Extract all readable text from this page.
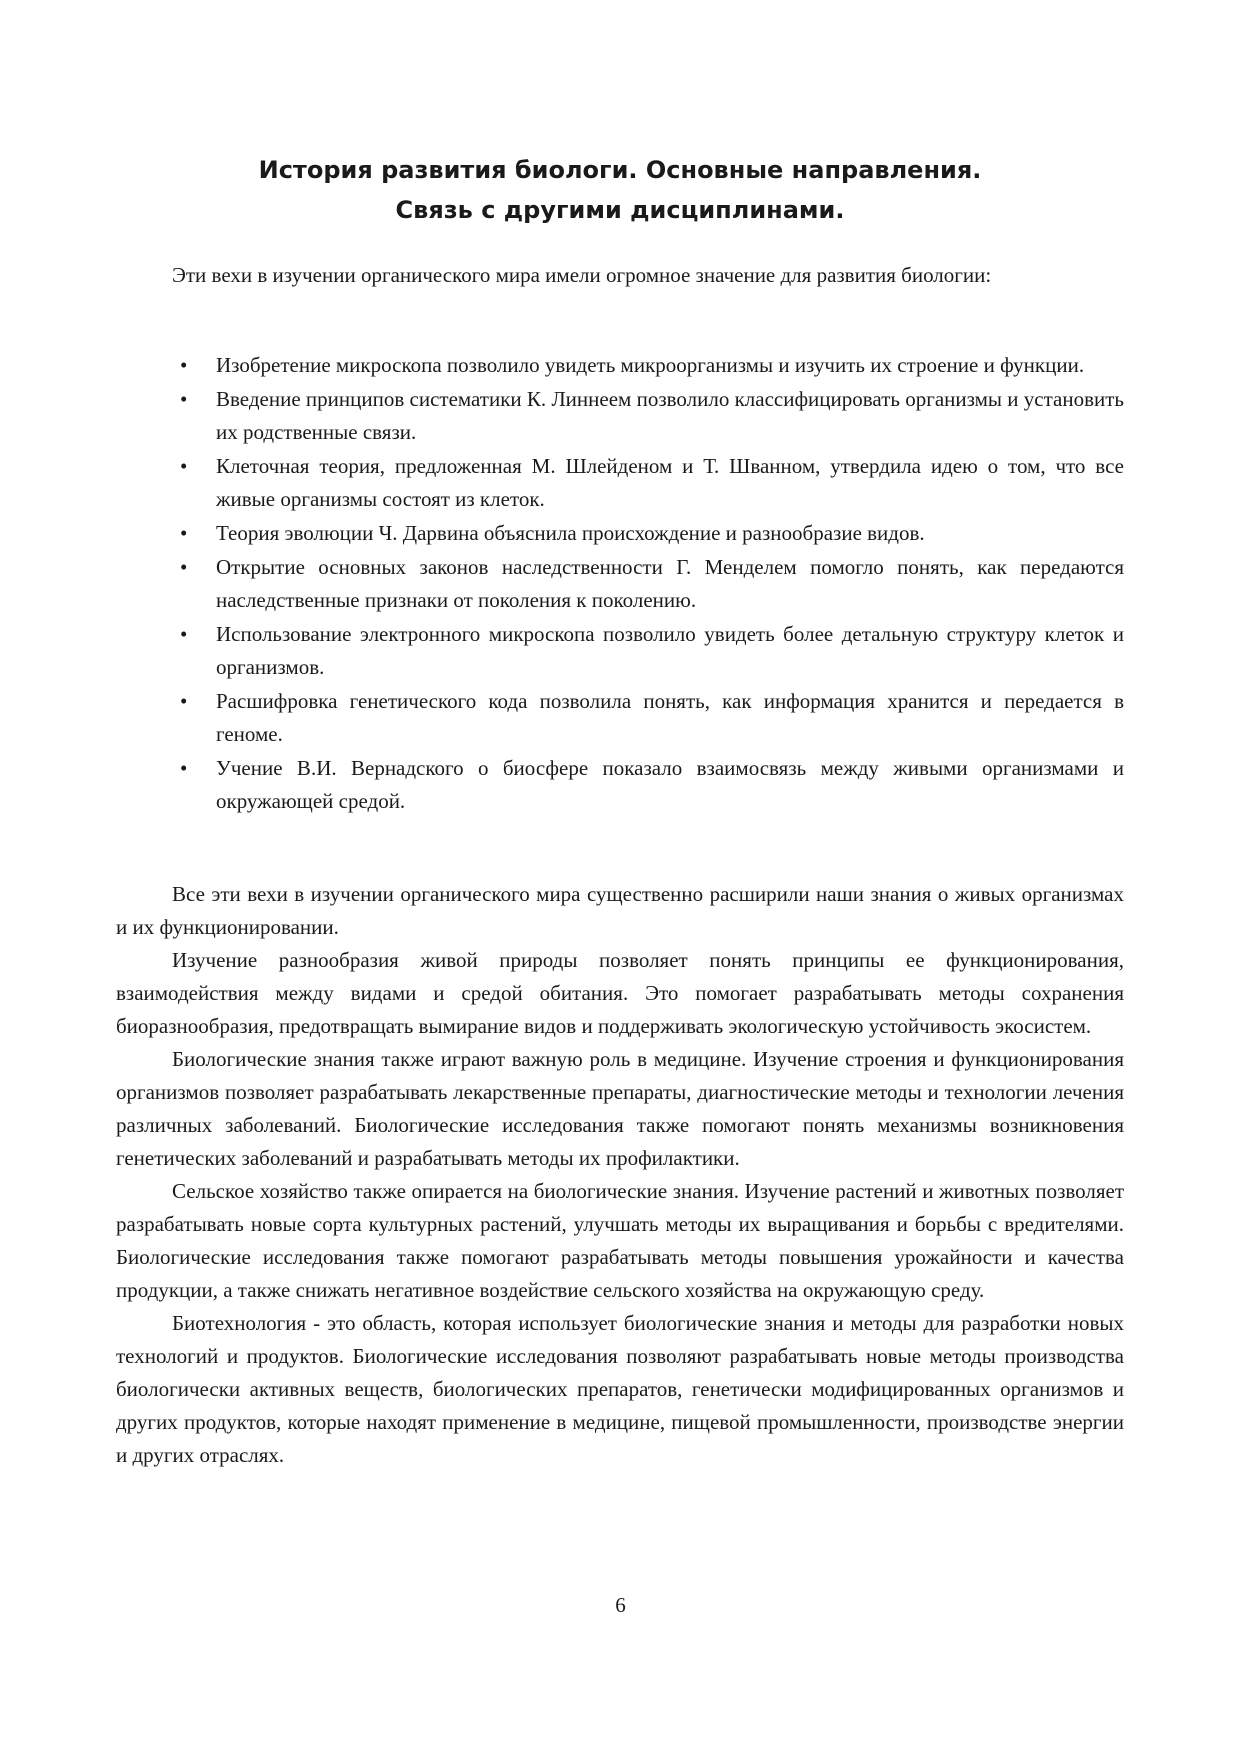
История развития биологи. Основные направления.
Связь с другими дисциплинами.

Эти вехи в изучении органического мира имели огромное значение для развития биологии:

• Изобретение микроскопа позволило увидеть микроорганизмы и изучить их строение и функции.
• Введение принципов систематики К. Линнеем позволило классифицировать организмы и установить их родственные связи.
• Клеточная теория, предложенная М. Шлейденом и Т. Шванном, утвердила идею о том, что все живые организмы состоят из клеток.
• Теория эволюции Ч. Дарвина объяснила происхождение и разнообразие видов.
• Открытие основных законов наследственности Г. Менделем помогло понять, как передаются наследственные признаки от поколения к поколению.
• Использование электронного микроскопа позволило увидеть более детальную структуру клеток и организмов.
• Расшифровка генетического кода позволила понять, как информация хранится и передается в геноме.
• Учение В.И. Вернадского о биосфере показало взаимосвязь между живыми организмами и окружающей средой.

Все эти вехи в изучении органического мира существенно расширили наши знания о живых организмах и их функционировании.

Изучение разнообразия живой природы позволяет понять принципы ее функционирования, взаимодействия между видами и средой обитания. Это помогает разрабатывать методы сохранения биоразнообразия, предотвращать вымирание видов и поддерживать экологическую устойчивость экосистем.

Биологические знания также играют важную роль в медицине. Изучение строения и функционирования организмов позволяет разрабатывать лекарственные препараты, диагностические методы и технологии лечения различных заболеваний. Биологические исследования также помогают понять механизмы возникновения генетических заболеваний и разрабатывать методы их профилактики.

Сельское хозяйство также опирается на биологические знания. Изучение растений и животных позволяет разрабатывать новые сорта культурных растений, улучшать методы их выращивания и борьбы с вредителями. Биологические исследования также помогают разрабатывать методы повышения урожайности и качества продукции, а также снижать негативное воздействие сельского хозяйства на окружающую среду.

Биотехнология - это область, которая использует биологические знания и методы для разработки новых технологий и продуктов. Биологические исследования позволяют разрабатывать новые методы производства биологически активных веществ, биологических препаратов, генетически модифицированных организмов и других продуктов, которые находят применение в медицине, пищевой промышленности, производстве энергии и других отраслях.

6
